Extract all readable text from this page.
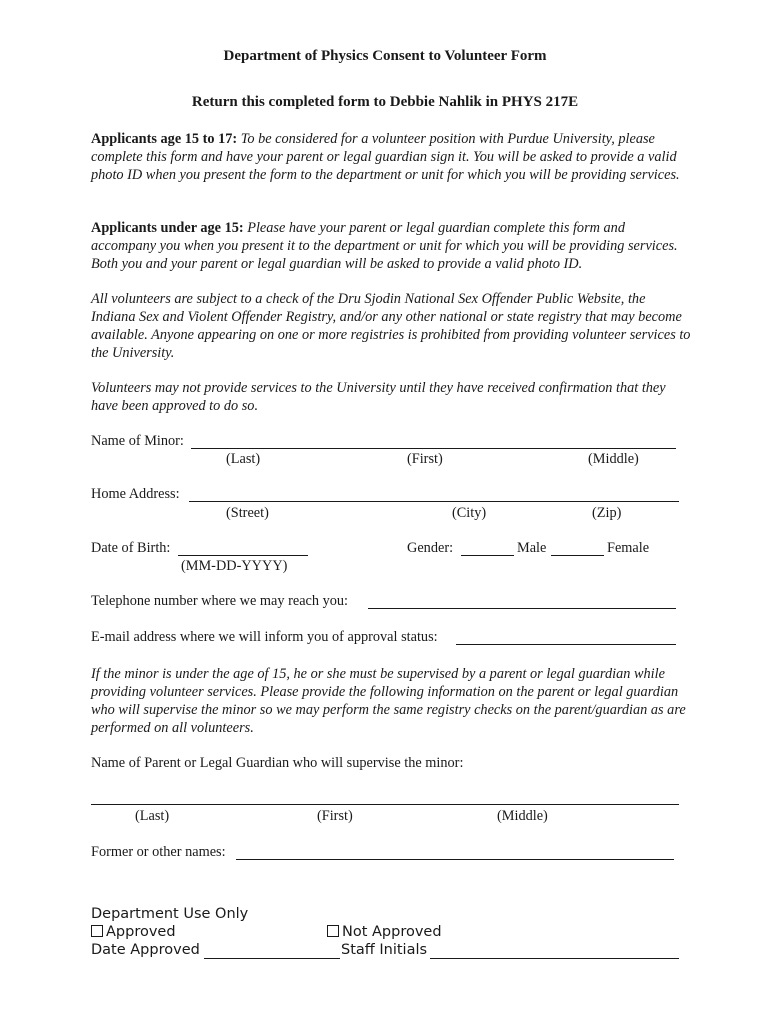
Department of Physics Consent to Volunteer Form
Return this completed form to Debbie Nahlik in PHYS 217E
Applicants age 15 to 17: To be considered for a volunteer position with Purdue University, please complete this form and have your parent or legal guardian sign it. You will be asked to provide a valid photo ID when you present the form to the department or unit for which you will be providing services.
Applicants under age 15: Please have your parent or legal guardian complete this form and accompany you when you present it to the department or unit for which you will be providing services. Both you and your parent or legal guardian will be asked to provide a valid photo ID.
All volunteers are subject to a check of the Dru Sjodin National Sex Offender Public Website, the Indiana Sex and Violent Offender Registry, and/or any other national or state registry that may become available. Anyone appearing on one or more registries is prohibited from providing volunteer services to the University.
Volunteers may not provide services to the University until they have received confirmation that they have been approved to do so.
Name of Minor:
(Last)	(First)	(Middle)
Home Address:
(Street)	(City)	(Zip)
Date of Birth:
(MM-DD-YYYY)
Gender:	Male	Female
Telephone number where we may reach you:
E-mail address where we will inform you of approval status:
If the minor is under the age of 15, he or she must be supervised by a parent or legal guardian while providing volunteer services. Please provide the following information on the parent or legal guardian who will supervise the minor so we may perform the same registry checks on the parent/guardian as are performed on all volunteers.
Name of Parent or Legal Guardian who will supervise the minor:
(Last)	(First)	(Middle)
Former or other names:
Department Use Only
Approved	Not Approved
Date Approved	Staff Initials
